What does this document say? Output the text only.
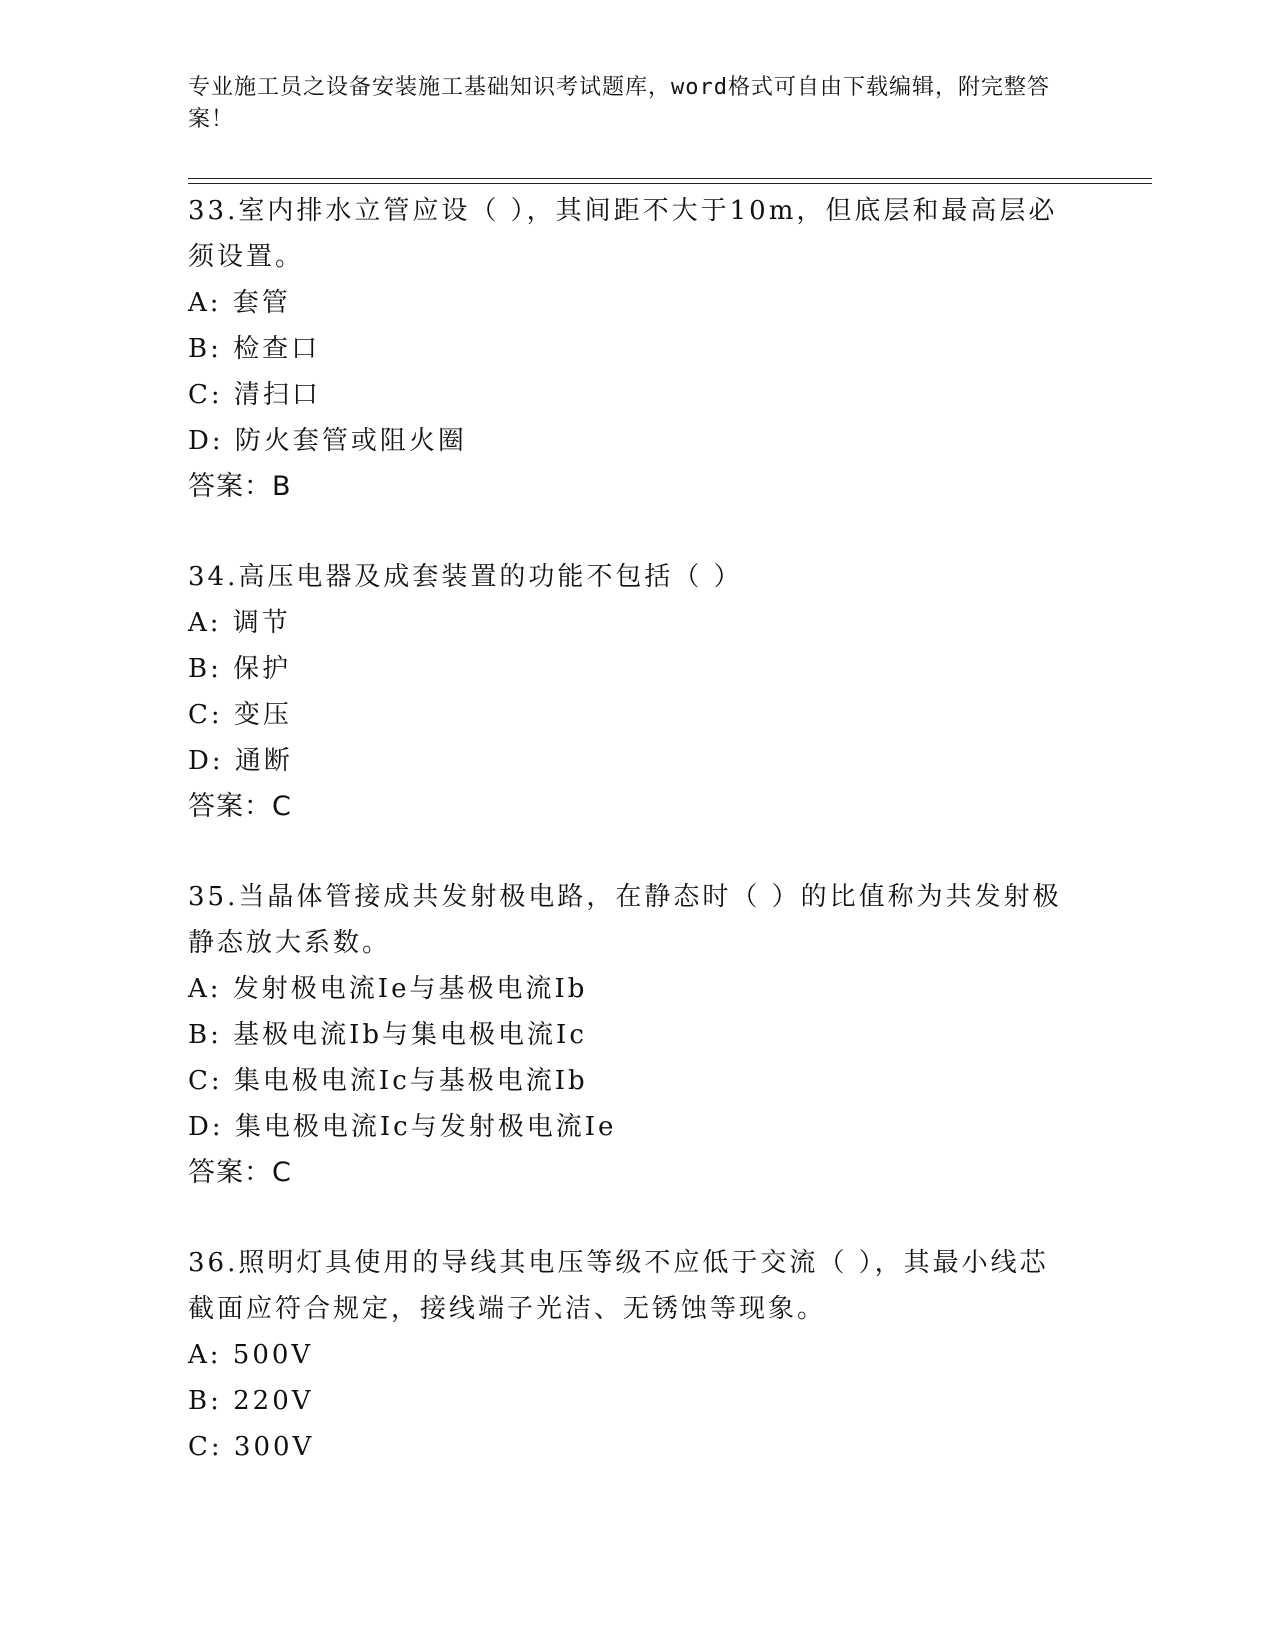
专业施工员之设备安装施工基础知识考试题库，word格式可自由下载编辑，附完整答案！
33.室内排水立管应设（ ），其间距不大于10m，但底层和最高层必须设置。
A: 套管
B: 检查口
C: 清扫口
D: 防火套管或阻火圈
答案：B
34.高压电器及成套装置的功能不包括（ ）
A: 调节
B: 保护
C: 变压
D: 通断
答案：C
35.当晶体管接成共发射极电路，在静态时（ ）的比值称为共发射极静态放大系数。
A: 发射极电流Ie与基极电流Ib
B: 基极电流Ib与集电极电流Ic
C: 集电极电流Ic与基极电流Ib
D: 集电极电流Ic与发射极电流Ie
答案：C
36.照明灯具使用的导线其电压等级不应低于交流（ ），其最小线芯截面应符合规定，接线端子光洁、无锈蚀等现象。
A: 500V
B: 220V
C: 300V
